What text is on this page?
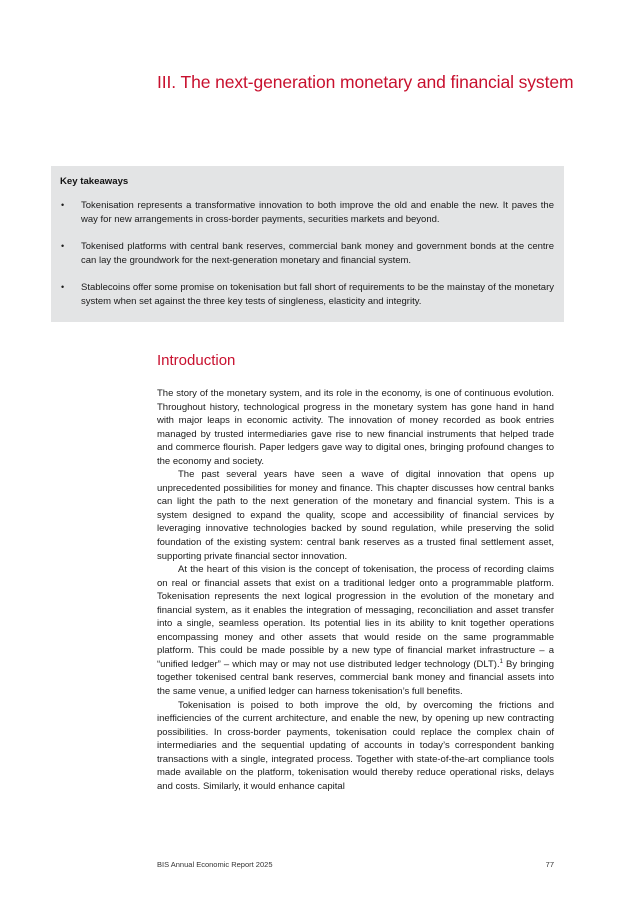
III. The next-generation monetary and financial system
Key takeaways
• Tokenisation represents a transformative innovation to both improve the old and enable the new. It paves the way for new arrangements in cross-border payments, securities markets and beyond.
• Tokenised platforms with central bank reserves, commercial bank money and government bonds at the centre can lay the groundwork for the next-generation monetary and financial system.
• Stablecoins offer some promise on tokenisation but fall short of requirements to be the mainstay of the monetary system when set against the three key tests of singleness, elasticity and integrity.
Introduction

The story of the monetary system, and its role in the economy, is one of continuous evolution. Throughout history, technological progress in the monetary system has gone hand in hand with major leaps in economic activity. The innovation of money recorded as book entries managed by trusted intermediaries gave rise to new financial instruments that helped trade and commerce flourish. Paper ledgers gave way to digital ones, bringing profound changes to the economy and society.

The past several years have seen a wave of digital innovation that opens up unprecedented possibilities for money and finance. This chapter discusses how central banks can light the path to the next generation of the monetary and financial system. This is a system designed to expand the quality, scope and accessibility of financial services by leveraging innovative technologies backed by sound regulation, while preserving the solid foundation of the existing system: central bank reserves as a trusted final settlement asset, supporting private financial sector innovation.

At the heart of this vision is the concept of tokenisation, the process of recording claims on real or financial assets that exist on a traditional ledger onto a programmable platform. Tokenisation represents the next logical progression in the evolution of the monetary and financial system, as it enables the integration of messaging, reconciliation and asset transfer into a single, seamless operation. Its potential lies in its ability to knit together operations encompassing money and other assets that would reside on the same programmable platform. This could be made possible by a new type of financial market infrastructure – a “unified ledger” – which may or may not use distributed ledger technology (DLT).$^1$ By bringing together tokenised central bank reserves, commercial bank money and financial assets into the same venue, a unified ledger can harness tokenisation’s full benefits.

Tokenisation is poised to both improve the old, by overcoming the frictions and inefficiencies of the current architecture, and enable the new, by opening up new contracting possibilities. In cross-border payments, tokenisation could replace the complex chain of intermediaries and the sequential updating of accounts in today’s correspondent banking transactions with a single, integrated process. Together with state-of-the-art compliance tools made available on the platform, tokenisation would thereby reduce operational risks, delays and costs. Similarly, it would enhance capital

BIS Annual Economic Report 2025	77
